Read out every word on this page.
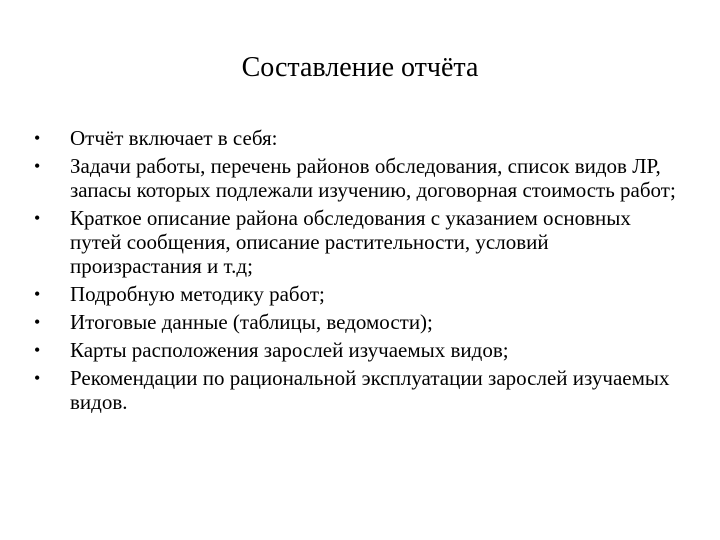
Составление отчёта
•	Отчёт включает в себя:
•	Задачи работы, перечень районов обследования, список видов ЛР, запасы которых подлежали изучению, договорная стоимость работ;
•	Краткое описание района обследования с указанием основных путей сообщения, описание растительности, условий произрастания и т.д;
•	Подробную методику работ;
•	Итоговые данные (таблицы, ведомости);
•	Карты расположения зарослей изучаемых видов;
•	Рекомендации по рациональной эксплуатации зарослей изучаемых видов.
